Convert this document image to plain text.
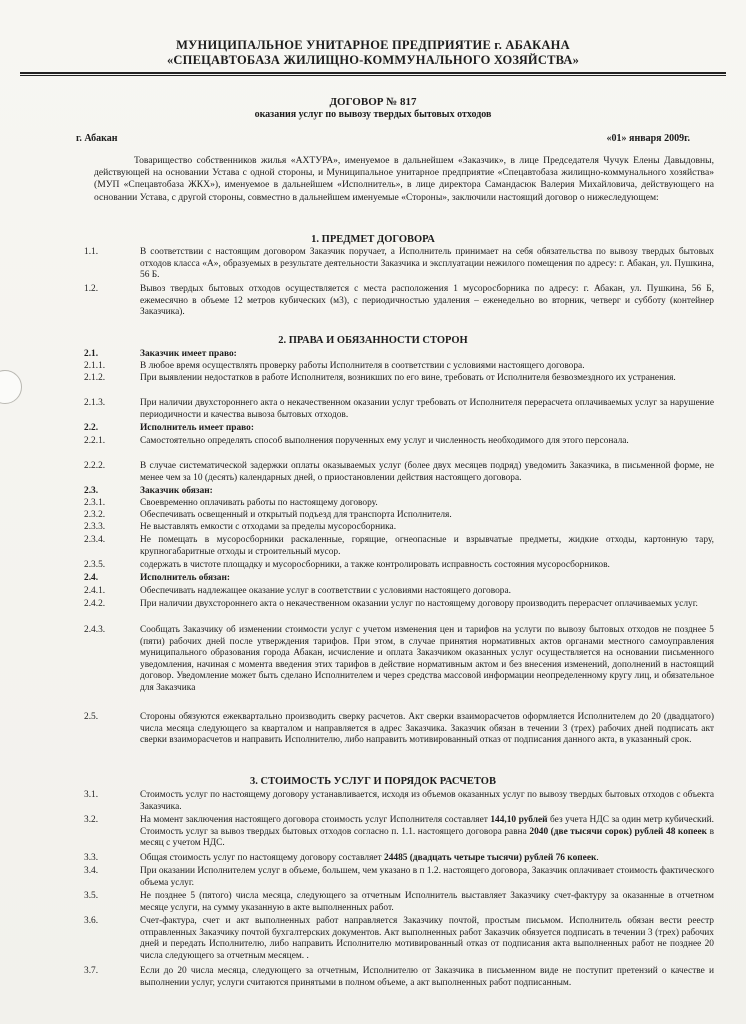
МУНИЦИПАЛЬНОЕ УНИТАРНОЕ ПРЕДПРИЯТИЕ г. АБАКАНА
«СПЕЦАВТОБАЗА ЖИЛИЩНО-КОММУНАЛЬНОГО ХОЗЯЙСТВА»
ДОГОВОР № 817
оказания услуг по вывозу твердых бытовых отходов
г. Абакан	«01» января 2009г.
Товарищество собственников жилья «АХТУРА», именуемое в дальнейшем «Заказчик», в лице Председателя Чучук Елены Давыдовны, действующей на основании Устава с одной стороны, и Муниципальное унитарное предприятие «Спецавтобаза жилищно-коммунального хозяйства» (МУП «Спецавтобаза ЖКХ»), именуемое в дальнейшем «Исполнитель», в лице директора Самандасюк Валерия Михайловича, действующего на основании Устава, с другой стороны, совместно в дальнейшем именуемые «Стороны», заключили настоящий договор о нижеследующем:
1. ПРЕДМЕТ ДОГОВОРА
1.1.	В соответствии с настоящим договором Заказчик поручает, а Исполнитель принимает на себя обязательства по вывозу твердых бытовых отходов класса «А», образуемых в результате деятельности Заказчика и эксплуатации нежилого помещения по адресу: г. Абакан, ул. Пушкина, 56 Б.
1.2.	Вывоз твердых бытовых отходов осуществляется с места расположения 1 мусоросборника по адресу: г. Абакан, ул. Пушкина, 56 Б, ежемесячно в объеме 12 метров кубических (м3), с периодичностью удаления – еженедельно во вторник, четверг и субботу (контейнер Заказчика).
2. ПРАВА И ОБЯЗАННОСТИ СТОРОН
2.1.	Заказчик имеет право:
2.1.1.	В любое время осуществлять проверку работы Исполнителя в соответствии с условиями настоящего договора.
2.1.2.	При выявлении недостатков в работе Исполнителя, возникших по его вине, требовать от Исполнителя безвозмездного их устранения.
2.1.3.	При наличии двухстороннего акта о некачественном оказании услуг требовать от Исполнителя перерасчета оплачиваемых услуг за нарушение периодичности и качества вывоза бытовых отходов.
2.2.	Исполнитель имеет право:
2.2.1.	Самостоятельно определять способ выполнения порученных ему услуг и численность необходимого для этого персонала.
2.2.2.	В случае систематической задержки оплаты оказываемых услуг (более двух месяцев подряд) уведомить Заказчика, в письменной форме, не менее чем за 10 (десять) календарных дней, о приостановлении действия настоящего договора.
2.3.	Заказчик обязан:
2.3.1.	Своевременно оплачивать работы по настоящему договору.
2.3.2.	Обеспечивать освещенный и открытый подъезд для транспорта Исполнителя.
2.3.3.	Не выставлять емкости с отходами за пределы мусоросборника.
2.3.4.	Не помещать в мусоросборники раскаленные, горящие, огнеопасные и взрывчатые предметы, жидкие отходы, картонную тару, крупногабаритные отходы и строительный мусор.
2.3.5.	содержать в чистоте площадку и мусоросборники, а также контролировать исправность состояния мусоросборников.
2.4.	Исполнитель обязан:
2.4.1.	Обеспечивать надлежащее оказание услуг в соответствии с условиями настоящего договора.
2.4.2.	При наличии двухстороннего акта о некачественном оказании услуг по настоящему договору производить перерасчет оплачиваемых услуг.
2.4.3.	Сообщать Заказчику об изменении стоимости услуг с учетом изменения цен и тарифов на услуги по вывозу бытовых отходов не позднее 5 (пяти) рабочих дней после утверждения тарифов. При этом, в случае принятия нормативных актов органами местного самоуправления муниципального образования города Абакан, исчисление и оплата Заказчиком оказанных услуг осуществляется на основании письменного уведомления, начиная с момента введения этих тарифов в действие нормативным актом и без внесения изменений, дополнений в настоящий договор. Уведомление может быть сделано Исполнителем и через средства массовой информации неопределенному кругу лиц, и обязательное для Заказчика
2.5.	Стороны обязуются ежеквартально производить сверку расчетов. Акт сверки взаиморасчетов оформляется Исполнителем до 20 (двадцатого) числа месяца следующего за кварталом и направляется в адрес Заказчика. Заказчик обязан в течении 3 (трех) рабочих дней подписать акт сверки взаиморасчетов и направить Исполнителю, либо направить мотивированный отказ от подписания данного акта, в указанный срок.
3. СТОИМОСТЬ УСЛУГ И ПОРЯДОК РАСЧЕТОВ
3.1.	Стоимость услуг по настоящему договору устанавливается, исходя из объемов оказанных услуг по вывозу твердых бытовых отходов с объекта Заказчика.
3.2.	На момент заключения настоящего договора стоимость услуг Исполнителя составляет 144,10 рублей без учета НДС за один метр кубический. Стоимость услуг за вывоз твердых бытовых отходов согласно п. 1.1. настоящего договора равна 2040 (две тысячи сорок) рублей 48 копеек в месяц с учетом НДС.
3.3.	Общая стоимость услуг по настоящему договору составляет 24485 (двадцать четыре тысячи) рублей 76 копеек.
3.4.	При оказании Исполнителем услуг в объеме, большем, чем указано в п 1.2. настоящего договора, Заказчик оплачивает стоимость фактического объема услуг.
3.5.	Не позднее 5 (пятого) числа месяца, следующего за отчетным Исполнитель выставляет Заказчику счет-фактуру за оказанные в отчетном месяце услуги, на сумму указанную в акте выполненных работ.
3.6.	Счет-фактура, счет и акт выполненных работ направляется Заказчику почтой, простым письмом. Исполнитель обязан вести реестр отправленных Заказчику почтой бухгалтерских документов. Акт выполненных работ Заказчик обязуется подписать в течении 3 (трех) рабочих дней и передать Исполнителю, либо направить Исполнителю мотивированный отказ от подписания акта выполненных работ не позднее 20 числа следующего за отчетным месяцем. .
3.7.	Если до 20 числа месяца, следующего за отчетным, Исполнителю от Заказчика в письменном виде не поступит претензий о качестве и выполнении услуг, услуги считаются принятыми в полном объеме, а акт выполненных работ подписанным.
